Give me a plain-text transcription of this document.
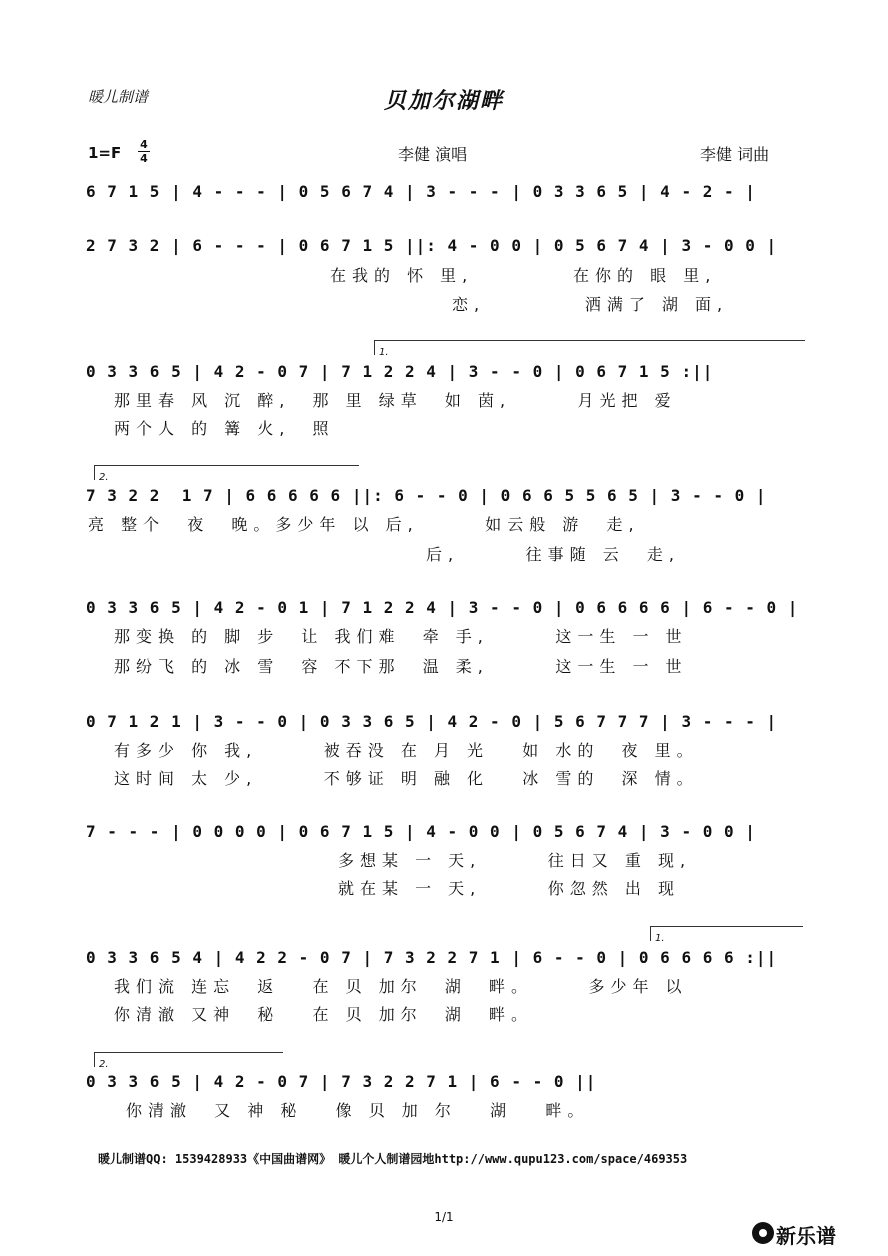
暖儿制谱	贝加尔湖畔
1=F 4
4	李健 演唱	李健 词曲
6 7 1 5 | 4 - - - | 0 5 6 7 4 | 3 - - - | 0 3 3 6 5 | 4 - 2 - |
2 7 3 2 | 6 - - - | 0 6 7 1 5 ||: 4 - 0 0 | 0 5 6 7 4 | 3 - 0 0 |
在我的 怀 里,         在你的 眼 里,
恋,         洒满了 湖 面,
1.
0 3 3 6 5 | 4 2 - 0 7 | 7 1 2 2 4 | 3 - - 0 | 0 6 7 1 5 :||
那里春 风 沉 醉,  那 里 绿草  如 茵,      月光把 爱
两个人 的 篝 火,  照
2.
7 3 2 2  1 7 | 6 6 6 6 6 ||: 6 - - 0 | 0 6 6 5 5 6 5 | 3 - - 0 |
亮 整个  夜  晚。多少年 以 后,      如云般 游  走,
后,      往事随 云  走,
0 3 3 6 5 | 4 2 - 0 1 | 7 1 2 2 4 | 3 - - 0 | 0 6 6 6 6 | 6 - - 0 |
那变换 的 脚 步  让 我们难  牵 手,      这一生 一 世
那纷飞 的 冰 雪  容 不下那  温 柔,      这一生 一 世
0 7 1 2 1 | 3 - - 0 | 0 3 3 6 5 | 4 2 - 0 | 5 6 7 7 7 | 3 - - - |
有多少 你 我,      被吞没 在 月 光   如 水的  夜 里。
这时间 太 少,      不够证 明 融 化   冰 雪的  深 情。
7 - - - | 0 0 0 0 | 0 6 7 1 5 | 4 - 0 0 | 0 5 6 7 4 | 3 - 0 0 |
多想某 一 天,      往日又 重 现,
就在某 一 天,      你忽然 出 现
1.
0 3 3 6 5 4 | 4 2 2 - 0 7 | 7 3 2 2 7 1 | 6 - - 0 | 0 6 6 6 6 :||
我们流 连忘  返   在 贝 加尔  湖  畔。     多少年 以
你清澈 又神  秘   在 贝 加尔  湖  畔。
2.
0 3 3 6 5 | 4 2 - 0 7 | 7 3 2 2 7 1 | 6 - - 0 ||
你清澈  又 神 秘   像 贝 加 尔   湖   畔。
暖儿制谱QQ: 1539428933《中国曲谱网》 暖儿个人制谱园地http://www.qupu123.com/space/469353
1/1
新乐谱
